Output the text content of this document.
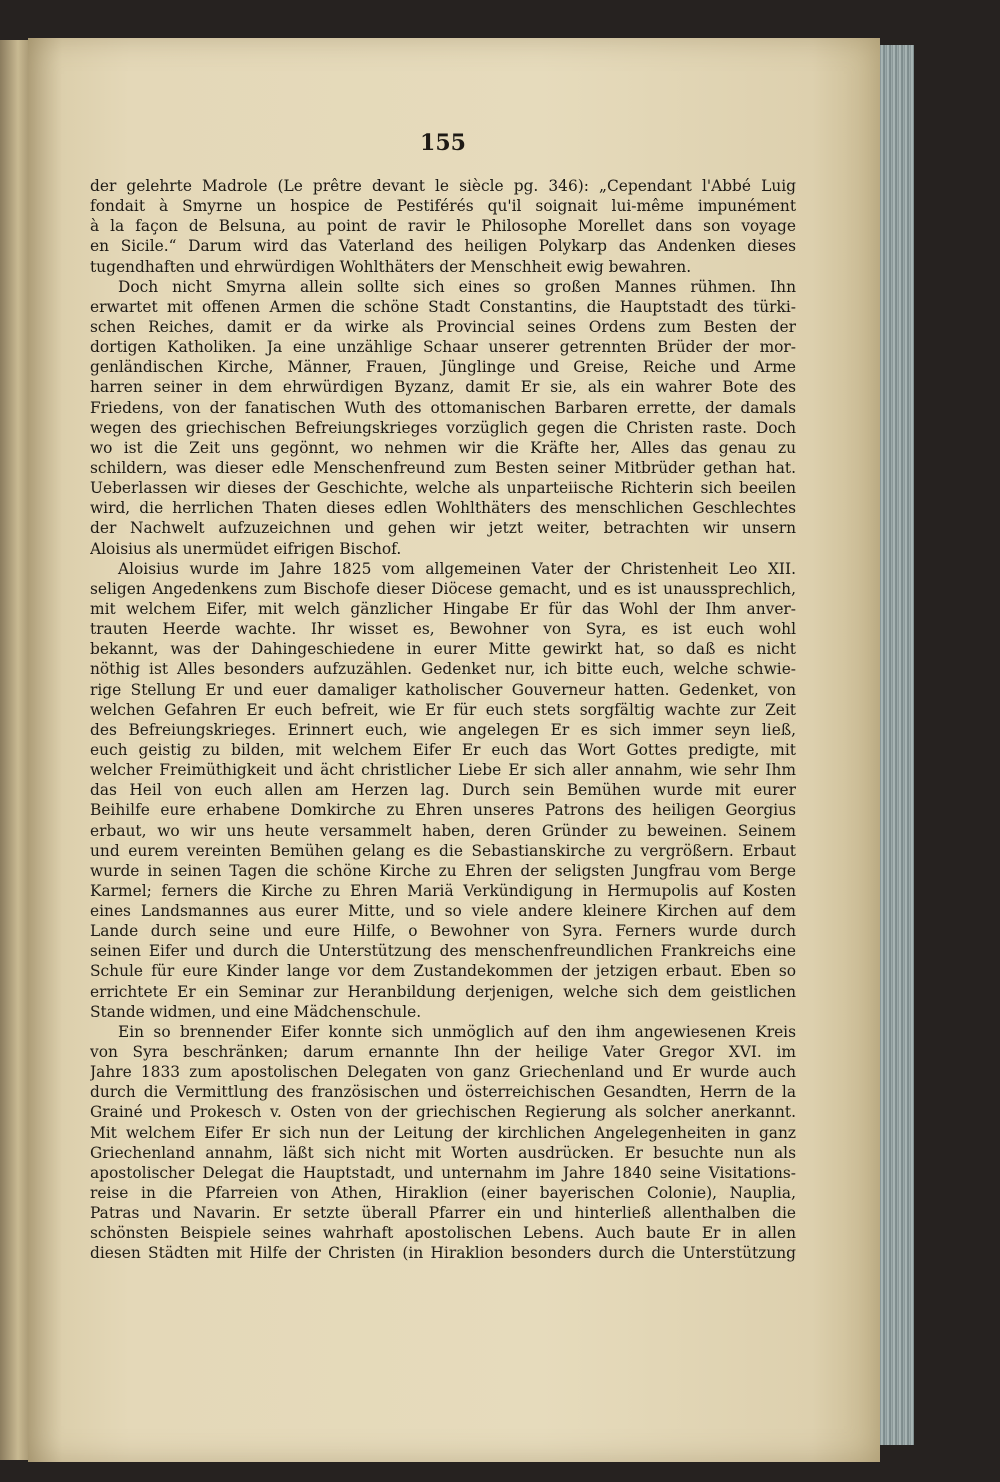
155
der gelehrte Madrole (Le prêtre devant le siècle pg. 346): „Cependant l'Abbé Luig
fondait à Smyrne un hospice de Pestiférés qu'il soignait lui-même impunément
à la façon de Belsuna, au point de ravir le Philosophe Morellet dans son voyage
en Sicile.“ Darum wird das Vaterland des heiligen Polykarp das Andenken dieses
tugendhaften und ehrwürdigen Wohlthäters der Menschheit ewig bewahren.
Doch nicht Smyrna allein sollte sich eines so großen Mannes rühmen. Ihn
erwartet mit offenen Armen die schöne Stadt Constantins, die Hauptstadt des türki-
schen Reiches, damit er da wirke als Provincial seines Ordens zum Besten der
dortigen Katholiken. Ja eine unzählige Schaar unserer getrennten Brüder der mor-
genländischen Kirche, Männer, Frauen, Jünglinge und Greise, Reiche und Arme
harren seiner in dem ehrwürdigen Byzanz, damit Er sie, als ein wahrer Bote des
Friedens, von der fanatischen Wuth des ottomanischen Barbaren errette, der damals
wegen des griechischen Befreiungskrieges vorzüglich gegen die Christen raste. Doch
wo ist die Zeit uns gegönnt, wo nehmen wir die Kräfte her, Alles das genau zu
schildern, was dieser edle Menschenfreund zum Besten seiner Mitbrüder gethan hat.
Ueberlassen wir dieses der Geschichte, welche als unparteiische Richterin sich beeilen
wird, die herrlichen Thaten dieses edlen Wohlthäters des menschlichen Geschlechtes
der Nachwelt aufzuzeichnen und gehen wir jetzt weiter, betrachten wir unsern
Aloisius als unermüdet eifrigen Bischof.
Aloisius wurde im Jahre 1825 vom allgemeinen Vater der Christenheit Leo XII.
seligen Angedenkens zum Bischofe dieser Diöcese gemacht, und es ist unaussprechlich,
mit welchem Eifer, mit welch gänzlicher Hingabe Er für das Wohl der Ihm anver-
trauten Heerde wachte. Ihr wisset es, Bewohner von Syra, es ist euch wohl
bekannt, was der Dahingeschiedene in eurer Mitte gewirkt hat, so daß es nicht
nöthig ist Alles besonders aufzuzählen. Gedenket nur, ich bitte euch, welche schwie-
rige Stellung Er und euer damaliger katholischer Gouverneur hatten. Gedenket, von
welchen Gefahren Er euch befreit, wie Er für euch stets sorgfältig wachte zur Zeit
des Befreiungskrieges. Erinnert euch, wie angelegen Er es sich immer seyn ließ,
euch geistig zu bilden, mit welchem Eifer Er euch das Wort Gottes predigte, mit
welcher Freimüthigkeit und ächt christlicher Liebe Er sich aller annahm, wie sehr Ihm
das Heil von euch allen am Herzen lag. Durch sein Bemühen wurde mit eurer
Beihilfe eure erhabene Domkirche zu Ehren unseres Patrons des heiligen Georgius
erbaut, wo wir uns heute versammelt haben, deren Gründer zu beweinen. Seinem
und eurem vereinten Bemühen gelang es die Sebastianskirche zu vergrößern. Erbaut
wurde in seinen Tagen die schöne Kirche zu Ehren der seligsten Jungfrau vom Berge
Karmel; ferners die Kirche zu Ehren Mariä Verkündigung in Hermupolis auf Kosten
eines Landsmannes aus eurer Mitte, und so viele andere kleinere Kirchen auf dem
Lande durch seine und eure Hilfe, o Bewohner von Syra. Ferners wurde durch
seinen Eifer und durch die Unterstützung des menschenfreundlichen Frankreichs eine
Schule für eure Kinder lange vor dem Zustandekommen der jetzigen erbaut. Eben so
errichtete Er ein Seminar zur Heranbildung derjenigen, welche sich dem geistlichen
Stande widmen, und eine Mädchenschule.
Ein so brennender Eifer konnte sich unmöglich auf den ihm angewiesenen Kreis
von Syra beschränken; darum ernannte Ihn der heilige Vater Gregor XVI. im
Jahre 1833 zum apostolischen Delegaten von ganz Griechenland und Er wurde auch
durch die Vermittlung des französischen und österreichischen Gesandten, Herrn de la
Grainé und Prokesch v. Osten von der griechischen Regierung als solcher anerkannt.
Mit welchem Eifer Er sich nun der Leitung der kirchlichen Angelegenheiten in ganz
Griechenland annahm, läßt sich nicht mit Worten ausdrücken. Er besuchte nun als
apostolischer Delegat die Hauptstadt, und unternahm im Jahre 1840 seine Visitations-
reise in die Pfarreien von Athen, Hiraklion (einer bayerischen Colonie), Nauplia,
Patras und Navarin. Er setzte überall Pfarrer ein und hinterließ allenthalben die
schönsten Beispiele seines wahrhaft apostolischen Lebens. Auch baute Er in allen
diesen Städten mit Hilfe der Christen (in Hiraklion besonders durch die Unterstützung
